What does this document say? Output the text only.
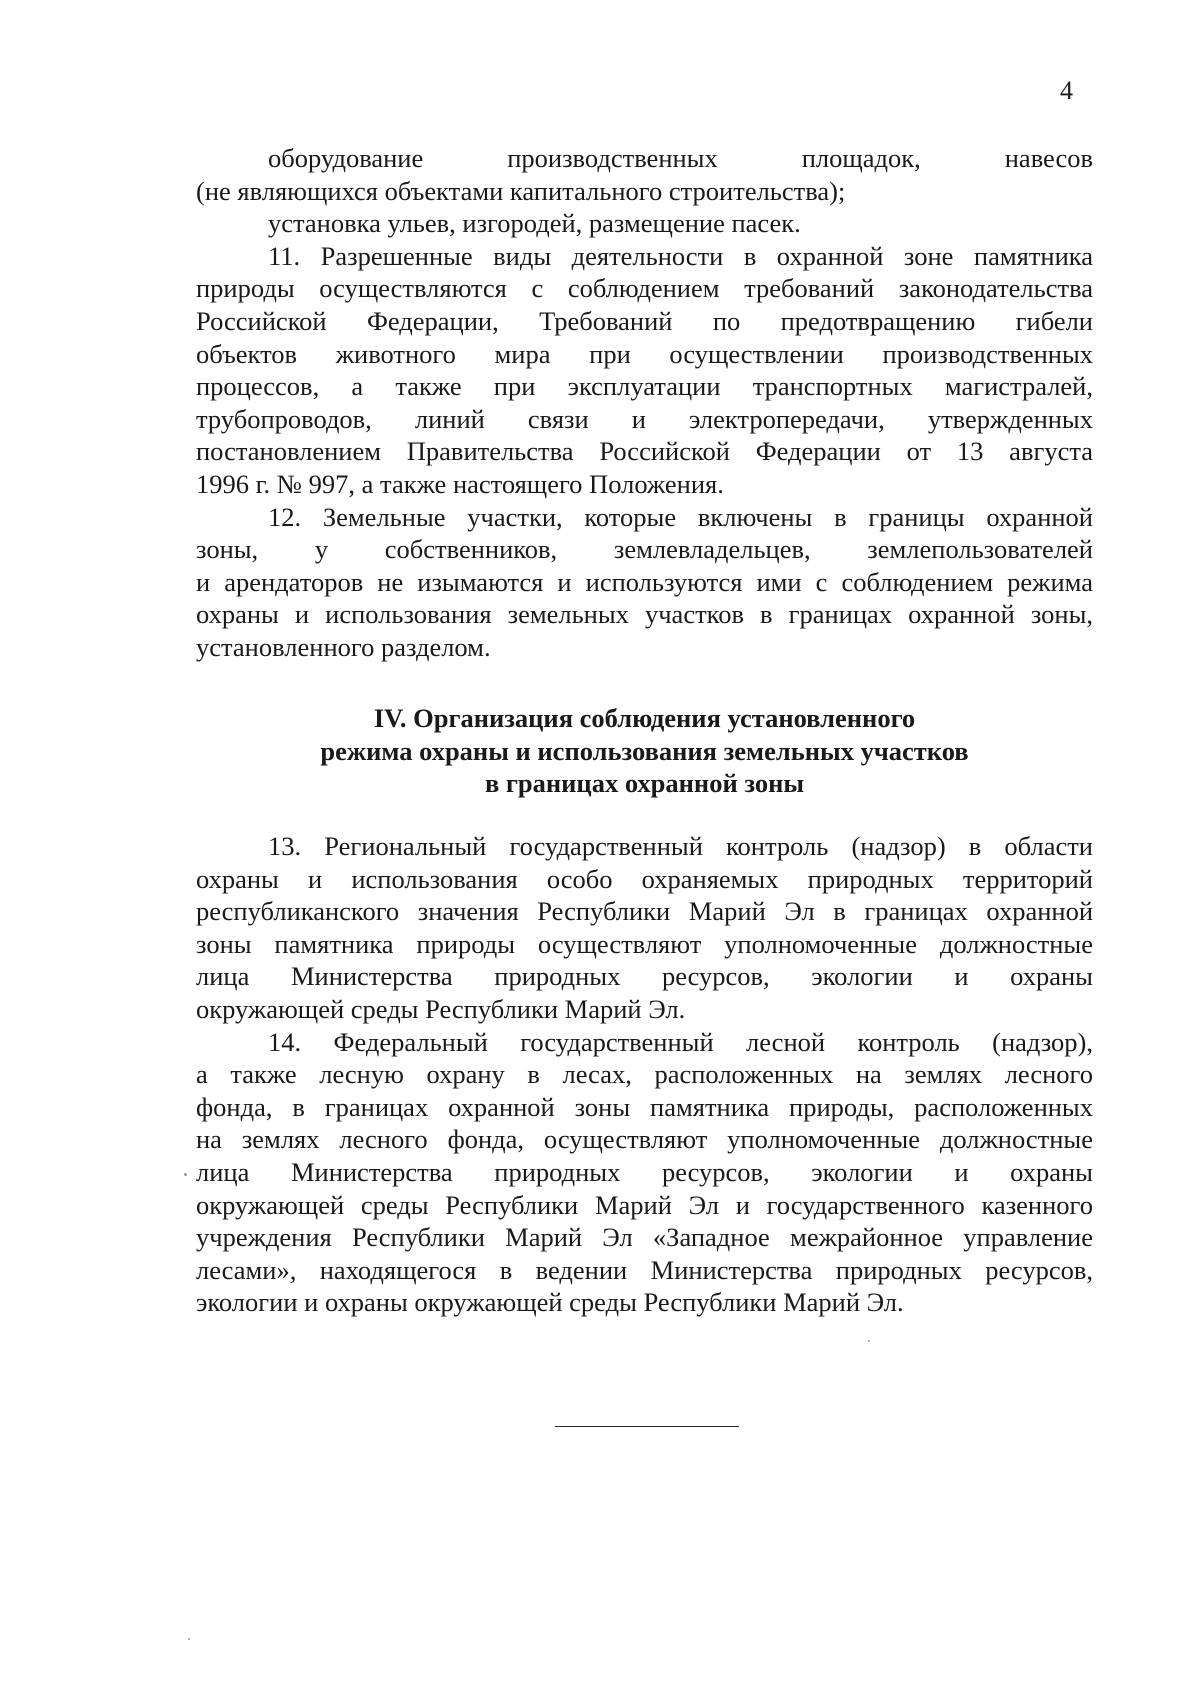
4

оборудование производственных площадок, навесов
(не являющихся объектами капитального строительства);

установка ульев, изгородей, размещение пасек.

11. Разрешенные виды деятельности в охранной зоне памятника
природы осуществляются с соблюдением требований законодательства
Российской Федерации, Требований по предотвращению гибели
объектов животного мира при осуществлении производственных
процессов, а также при эксплуатации транспортных магистралей,
трубопроводов, линий связи и электропередачи, утвержденных
постановлением Правительства Российской Федерации от 13 августа
1996 г. № 997, а также настоящего Положения.

12. Земельные участки, которые включены в границы охранной
зоны, у собственников, землевладельцев, землепользователей
и арендаторов не изымаются и используются ими с соблюдением режима
охраны и использования земельных участков в границах охранной зоны,
установленного разделом.

IV. Организация соблюдения установленного
режима охраны и использования земельных участков
в границах охранной зоны

13. Региональный государственный контроль (надзор) в области
охраны и использования особо охраняемых природных территорий
республиканского значения Республики Марий Эл в границах охранной
зоны памятника природы осуществляют уполномоченные должностные
лица Министерства природных ресурсов, экологии и охраны
окружающей среды Республики Марий Эл.

14. Федеральный государственный лесной контроль (надзор),
а также лесную охрану в лесах, расположенных на землях лесного
фонда, в границах охранной зоны памятника природы, расположенных
на землях лесного фонда, осуществляют уполномоченные должностные
лица Министерства природных ресурсов, экологии и охраны
окружающей среды Республики Марий Эл и государственного казенного
учреждения Республики Марий Эл «Западное межрайонное управление
лесами», находящегося в ведении Министерства природных ресурсов,
экологии и охраны окружающей среды Республики Марий Эл.
